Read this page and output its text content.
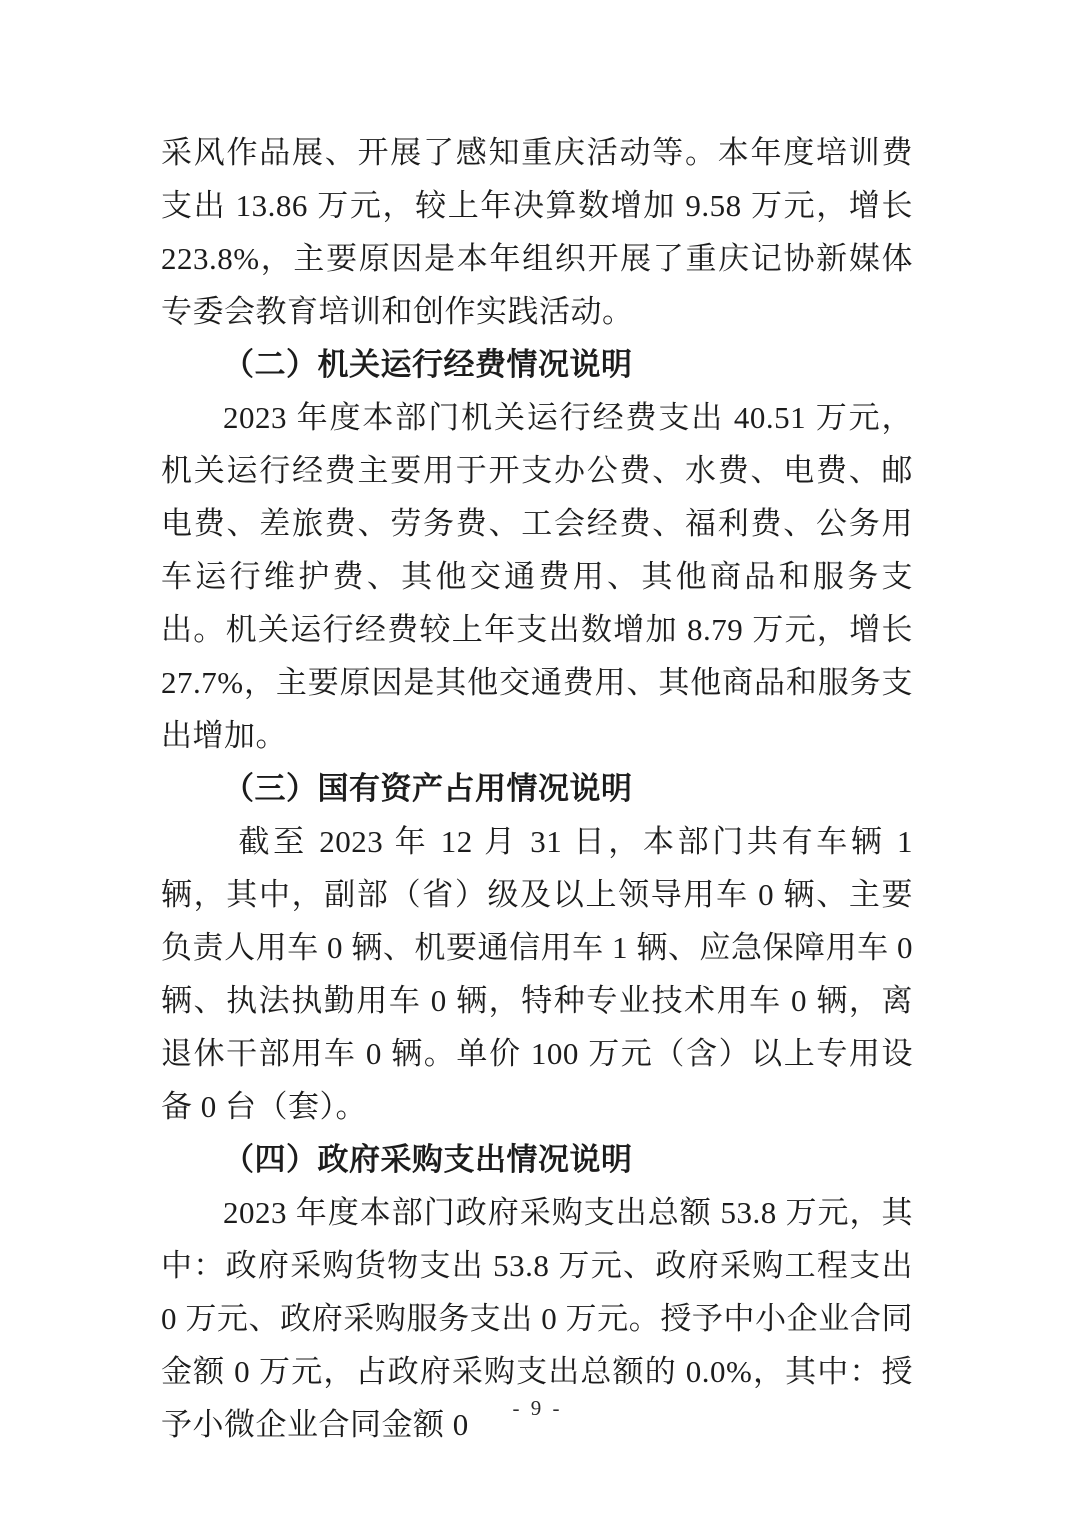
采风作品展、开展了感知重庆活动等。本年度培训费支出 13.86 万元，较上年决算数增加 9.58 万元，增长 223.8%，主要原因是本年组织开展了重庆记协新媒体专委会教育培训和创作实践活动。

（二）机关运行经费情况说明

2023 年度本部门机关运行经费支出 40.51 万元，机关运行经费主要用于开支办公费、水费、电费、邮电费、差旅费、劳务费、工会经费、福利费、公务用车运行维护费、其他交通费用、其他商品和服务支出。机关运行经费较上年支出数增加 8.79 万元，增长 27.7%，主要原因是其他交通费用、其他商品和服务支出增加。

（三）国有资产占用情况说明

截至 2023 年 12 月 31 日，本部门共有车辆 1 辆，其中，副部（省）级及以上领导用车 0 辆、主要负责人用车 0 辆、机要通信用车 1 辆、应急保障用车 0 辆、执法执勤用车 0 辆，特种专业技术用车 0 辆，离退休干部用车 0 辆。单价 100 万元（含）以上专用设备 0 台（套）。

（四）政府采购支出情况说明

2023 年度本部门政府采购支出总额 53.8 万元，其中：政府采购货物支出 53.8 万元、政府采购工程支出 0 万元、政府采购服务支出 0 万元。授予中小企业合同金额 0 万元，占政府采购支出总额的 0.0%，其中：授予小微企业合同金额 0	- 9 -
